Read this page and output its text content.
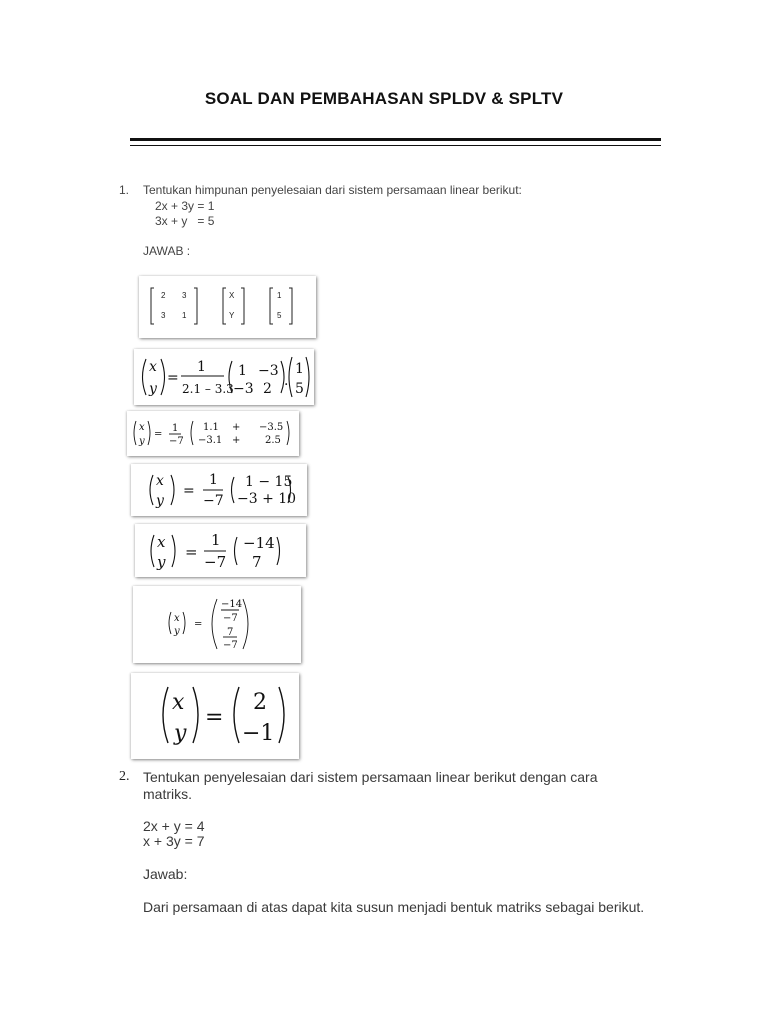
SOAL DAN PEMBAHASAN SPLDV & SPLTV
1. Tentukan himpunan penyelesaian dari sistem persamaan linear berikut:
2x + 3y = 1
3x + y   = 5
JAWAB :
2 3
3 1
X
Y
1
5
x
y
=
1
2.1 – 3.3
1 −3
−3 2 .
1
5
x
y
=
1
−7
1.1 + −3.5
−3.1 + 2.5
x
y
=
1
−7
1 − 15
−3 + 10
x
y
=
1
−7
−14
7
x
y
=
−14
−7
7
−7
x
y
=
2
−1
2. Tentukan penyelesaian dari sistem persamaan linear berikut dengan cara
matriks.
2x + y = 4
x + 3y = 7
Jawab:
Dari persamaan di atas dapat kita susun menjadi bentuk matriks sebagai berikut.
